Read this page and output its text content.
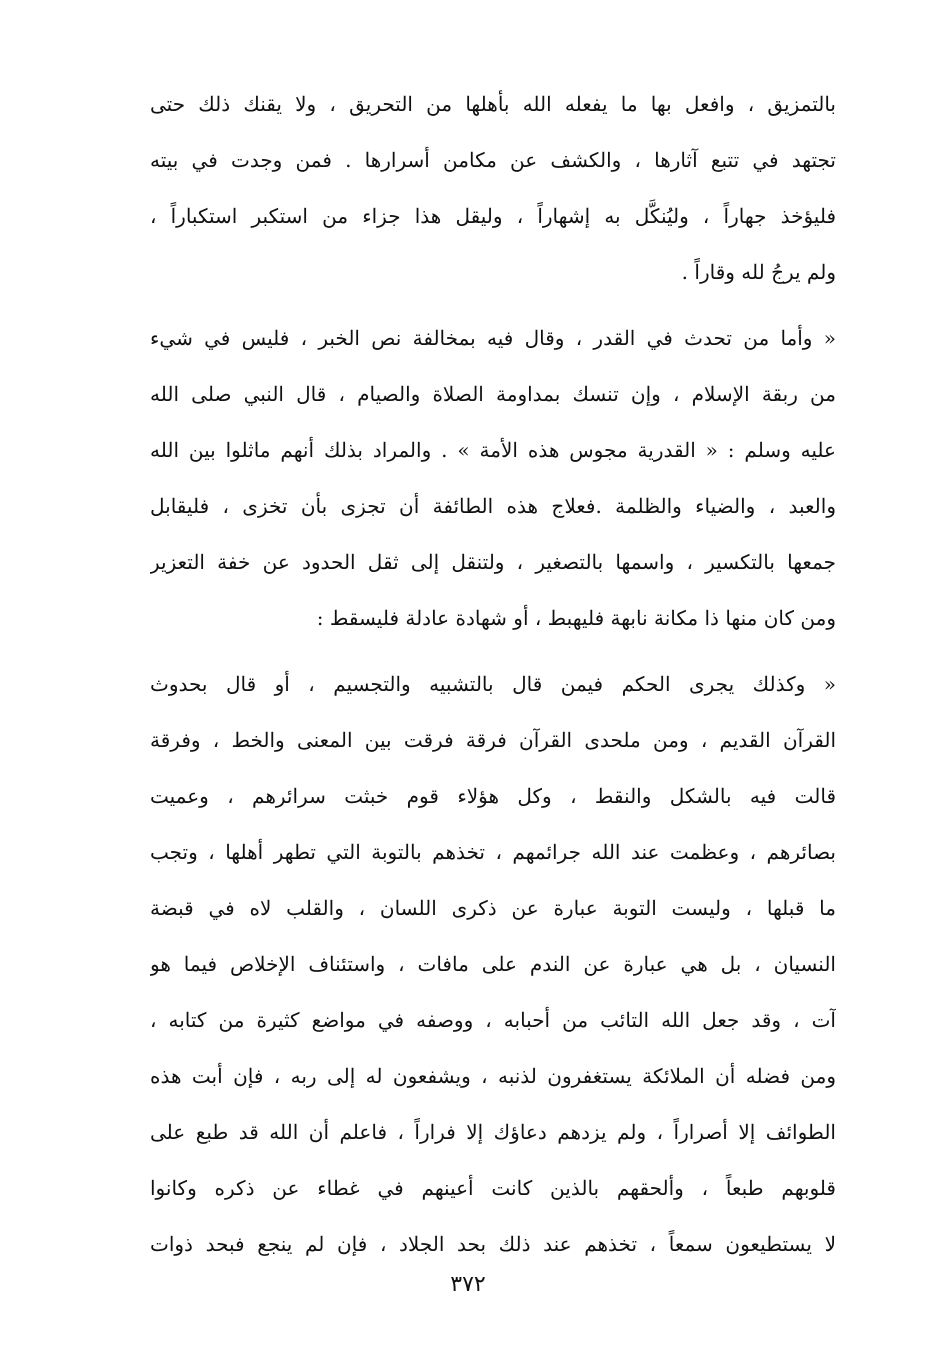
بالتمزيق ، وافعل بها ما يفعله الله بأهلها من التحريق ، ولا يقنك ذلك حتى
تجتهد في تتبع آثارها ، والكشف عن مكامن أسرارها . فمن وجدت في بيته
فليؤخذ جهاراً ، وليُنكَّل به إشهاراً ، وليقل هذا جزاء من استكبر استكباراً ،
ولم يرجُ لله وقاراً .
« وأما من تحدث في القدر ، وقال فيه بمخالفة نص الخبر ، فليس في شيء
من ربقة الإسلام ، وإن تنسك بمداومة الصلاة والصيام ، قال النبي صلى الله
عليه وسلم : « القدرية مجوس هذه الأمة » . والمراد بذلك أنهم ماثلوا بين الله
والعبد ، والضياء والظلمة .فعلاج هذه الطائفة أن تجزى بأن تخزى ، فليقابل
جمعها بالتكسير ، واسمها بالتصغير ، ولتنقل إلى ثقل الحدود عن خفة التعزير
ومن كان منها ذا مكانة نابهة فليهبط ، أو شهادة عادلة فليسقط :
« وكذلك يجرى الحكم فيمن قال بالتشبيه والتجسيم ، أو قال بحدوث
القرآن القديم ، ومن ملحدى القرآن فرقة فرقت بين المعنى والخط ، وفرقة
قالت فيه بالشكل والنقط ، وكل هؤلاء قوم خبثت سرائرهم ، وعميت
بصائرهم ، وعظمت عند الله جرائمهم ، تخذهم بالتوبة التي تطهر أهلها ، وتجب
ما قبلها ، وليست التوبة عبارة عن ذكرى اللسان ، والقلب لاه في قبضة
النسيان ، بل هي عبارة عن الندم على مافات ، واستئناف الإخلاص فيما هو
آت ، وقد جعل الله التائب من أحبابه ، ووصفه في مواضع كثيرة من كتابه ،
ومن فضله أن الملائكة يستغفرون لذنبه ، ويشفعون له إلى ربه ، فإن أبت هذه
الطوائف إلا أصراراً ، ولم يزدهم دعاؤك إلا فراراً ، فاعلم أن الله قد طبع على
قلوبهم طبعاً ، وألحقهم بالذين كانت أعينهم في غطاء عن ذكره وكانوا
لا يستطيعون سمعاً ، تخذهم عند ذلك بحد الجلاد ، فإن لم ينجع فبحد ذوات
٣٧٢
